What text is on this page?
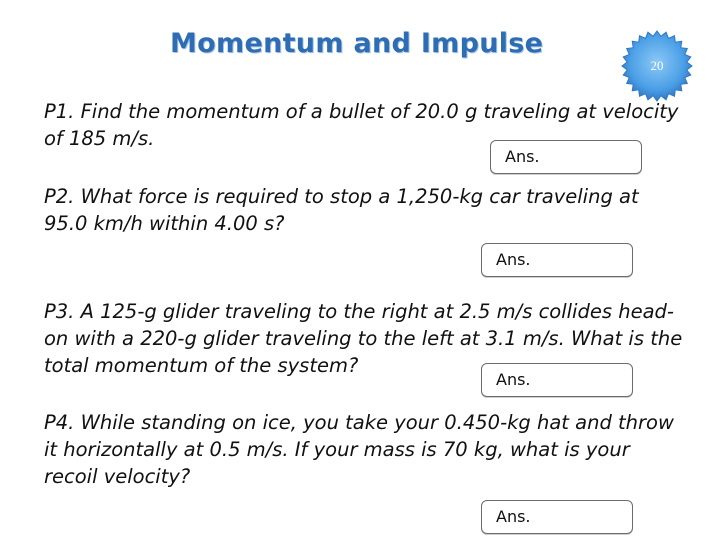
Momentum and Impulse
20

P1. Find the momentum of a bullet of 20.0 g traveling at velocity of 185 m/s.

Ans.

P2. What force is required to stop a 1,250-kg car traveling at 95.0 km/h within 4.00 s?

Ans.

P3. A 125-g glider traveling to the right at 2.5 m/s collides head-on with a 220-g glider traveling to the left at 3.1 m/s. What is the total momentum of the system?

Ans.

P4. While standing on ice, you take your 0.450-kg hat and throw it horizontally at 0.5 m/s. If your mass is 70 kg, what is your recoil velocity?

Ans.
